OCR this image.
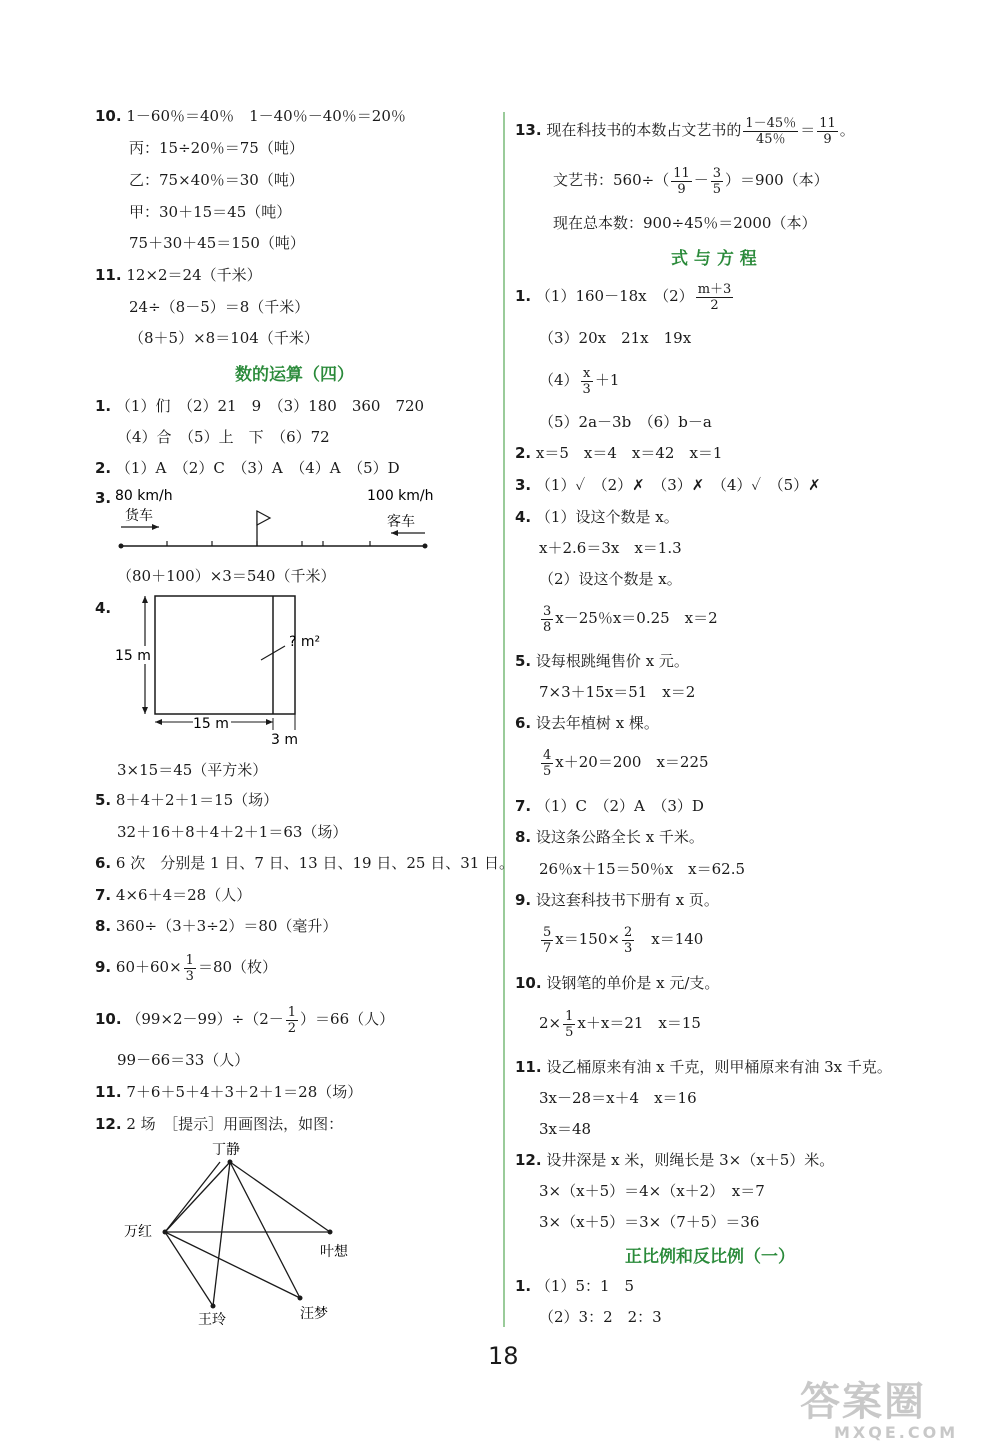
10. 1－60％＝40％　1－40％－40％＝20％
丙：15÷20％＝75（吨）
乙：75×40％＝30（吨）
甲：30＋15＝45（吨）
75＋30＋45＝150（吨）
11. 12×2＝24（千米）
24÷（8－5）＝8（千米）
（8＋5）×8＝104（千米）
数的运算（四）
1. （1）们　（2）21　9　（3）180　360　720
（4）合　（5）上　下　（6）72
2. （1）A　（2）C　（3）A　（4）A　（5）D
3. 80 km/h	100 km/h
货车	客车
（80＋100）×3＝540（千米）
4.
15 m
? m²
15 m
3 m
3×15＝45（平方米）
5. 8＋4＋2＋1＝15（场）
32＋16＋8＋4＋2＋1＝63（场）
6. 6 次　分别是 1 日、7 日、13 日、19 日、25 日、31 日。
7. 4×6＋4＝28（人）
8. 360÷（3＋3÷2）＝80（毫升）
9. $60+60\times \frac{1}{3} =80$（枚）
10. $(99\times 2-99)\div(2- \frac{1}{2} )=66$（人）
99－66＝33（人）
11. 7＋6＋5＋4＋3＋2＋1＝28（场）
12. 2 场　［提示］用画图法，如图：
丁静
万红
叶想
王玲	汪梦
13. 现在科技书的本数占文艺书的 $\frac{1-45\%}{45\%} = \frac{11}{9}$ 。
文艺书：$560\div( \frac{11}{9} - \frac{3}{5} )=900$（本）
现在总本数：900÷45％＝2000（本）
式 与 方 程
1. （1）160－18x　$(2) \frac{m+3}{2}$
（3）20x　21x　19x
$(4) \frac{x}{3} +1$
（5）2a－3b　（6）b－a
2. x＝5　x＝4　x＝42　x＝1
3. （1）✓　（2）✗　（3）✗　（4）✓　（5）✗
4. （1）设这个数是 x。
x＋2.6＝3x　x＝1.3
（2）设这个数是 x。
$\frac{3}{8} x-25$％x＝0.25　x＝2
5. 设每根跳绳售价 x 元。
7×3＋15x＝51　x＝2
6. 设去年植树 x 棵。
$\frac{4}{5} x+20=200$　x＝225
7. （1）C　（2）A　（3）D
8. 设这条公路全长 x 千米。
26％x＋15＝50％x　x＝62.5
9. 设这套科技书下册有 x 页。
$\frac{5}{7} x=150\times \frac{2}{3}$ 　x＝140
10. 设钢笔的单价是 x 元/支。
$2\times \frac{1}{5} x+x=21$　x＝15
11. 设乙桶原来有油 x 千克，则甲桶原来有油 3x 千克。
3x－28＝x＋4　x＝16
3x＝48
12. 设井深是 x 米，则绳长是 3×（x＋5）米。
3×（x＋5）＝4×（x＋2）　x＝7
3×（x＋5）＝3×（7＋5）＝36
正比例和反比例（一）
1. （1）5：1　5
（2）3：2　2：3
18
答案圈
MXQE.COM
